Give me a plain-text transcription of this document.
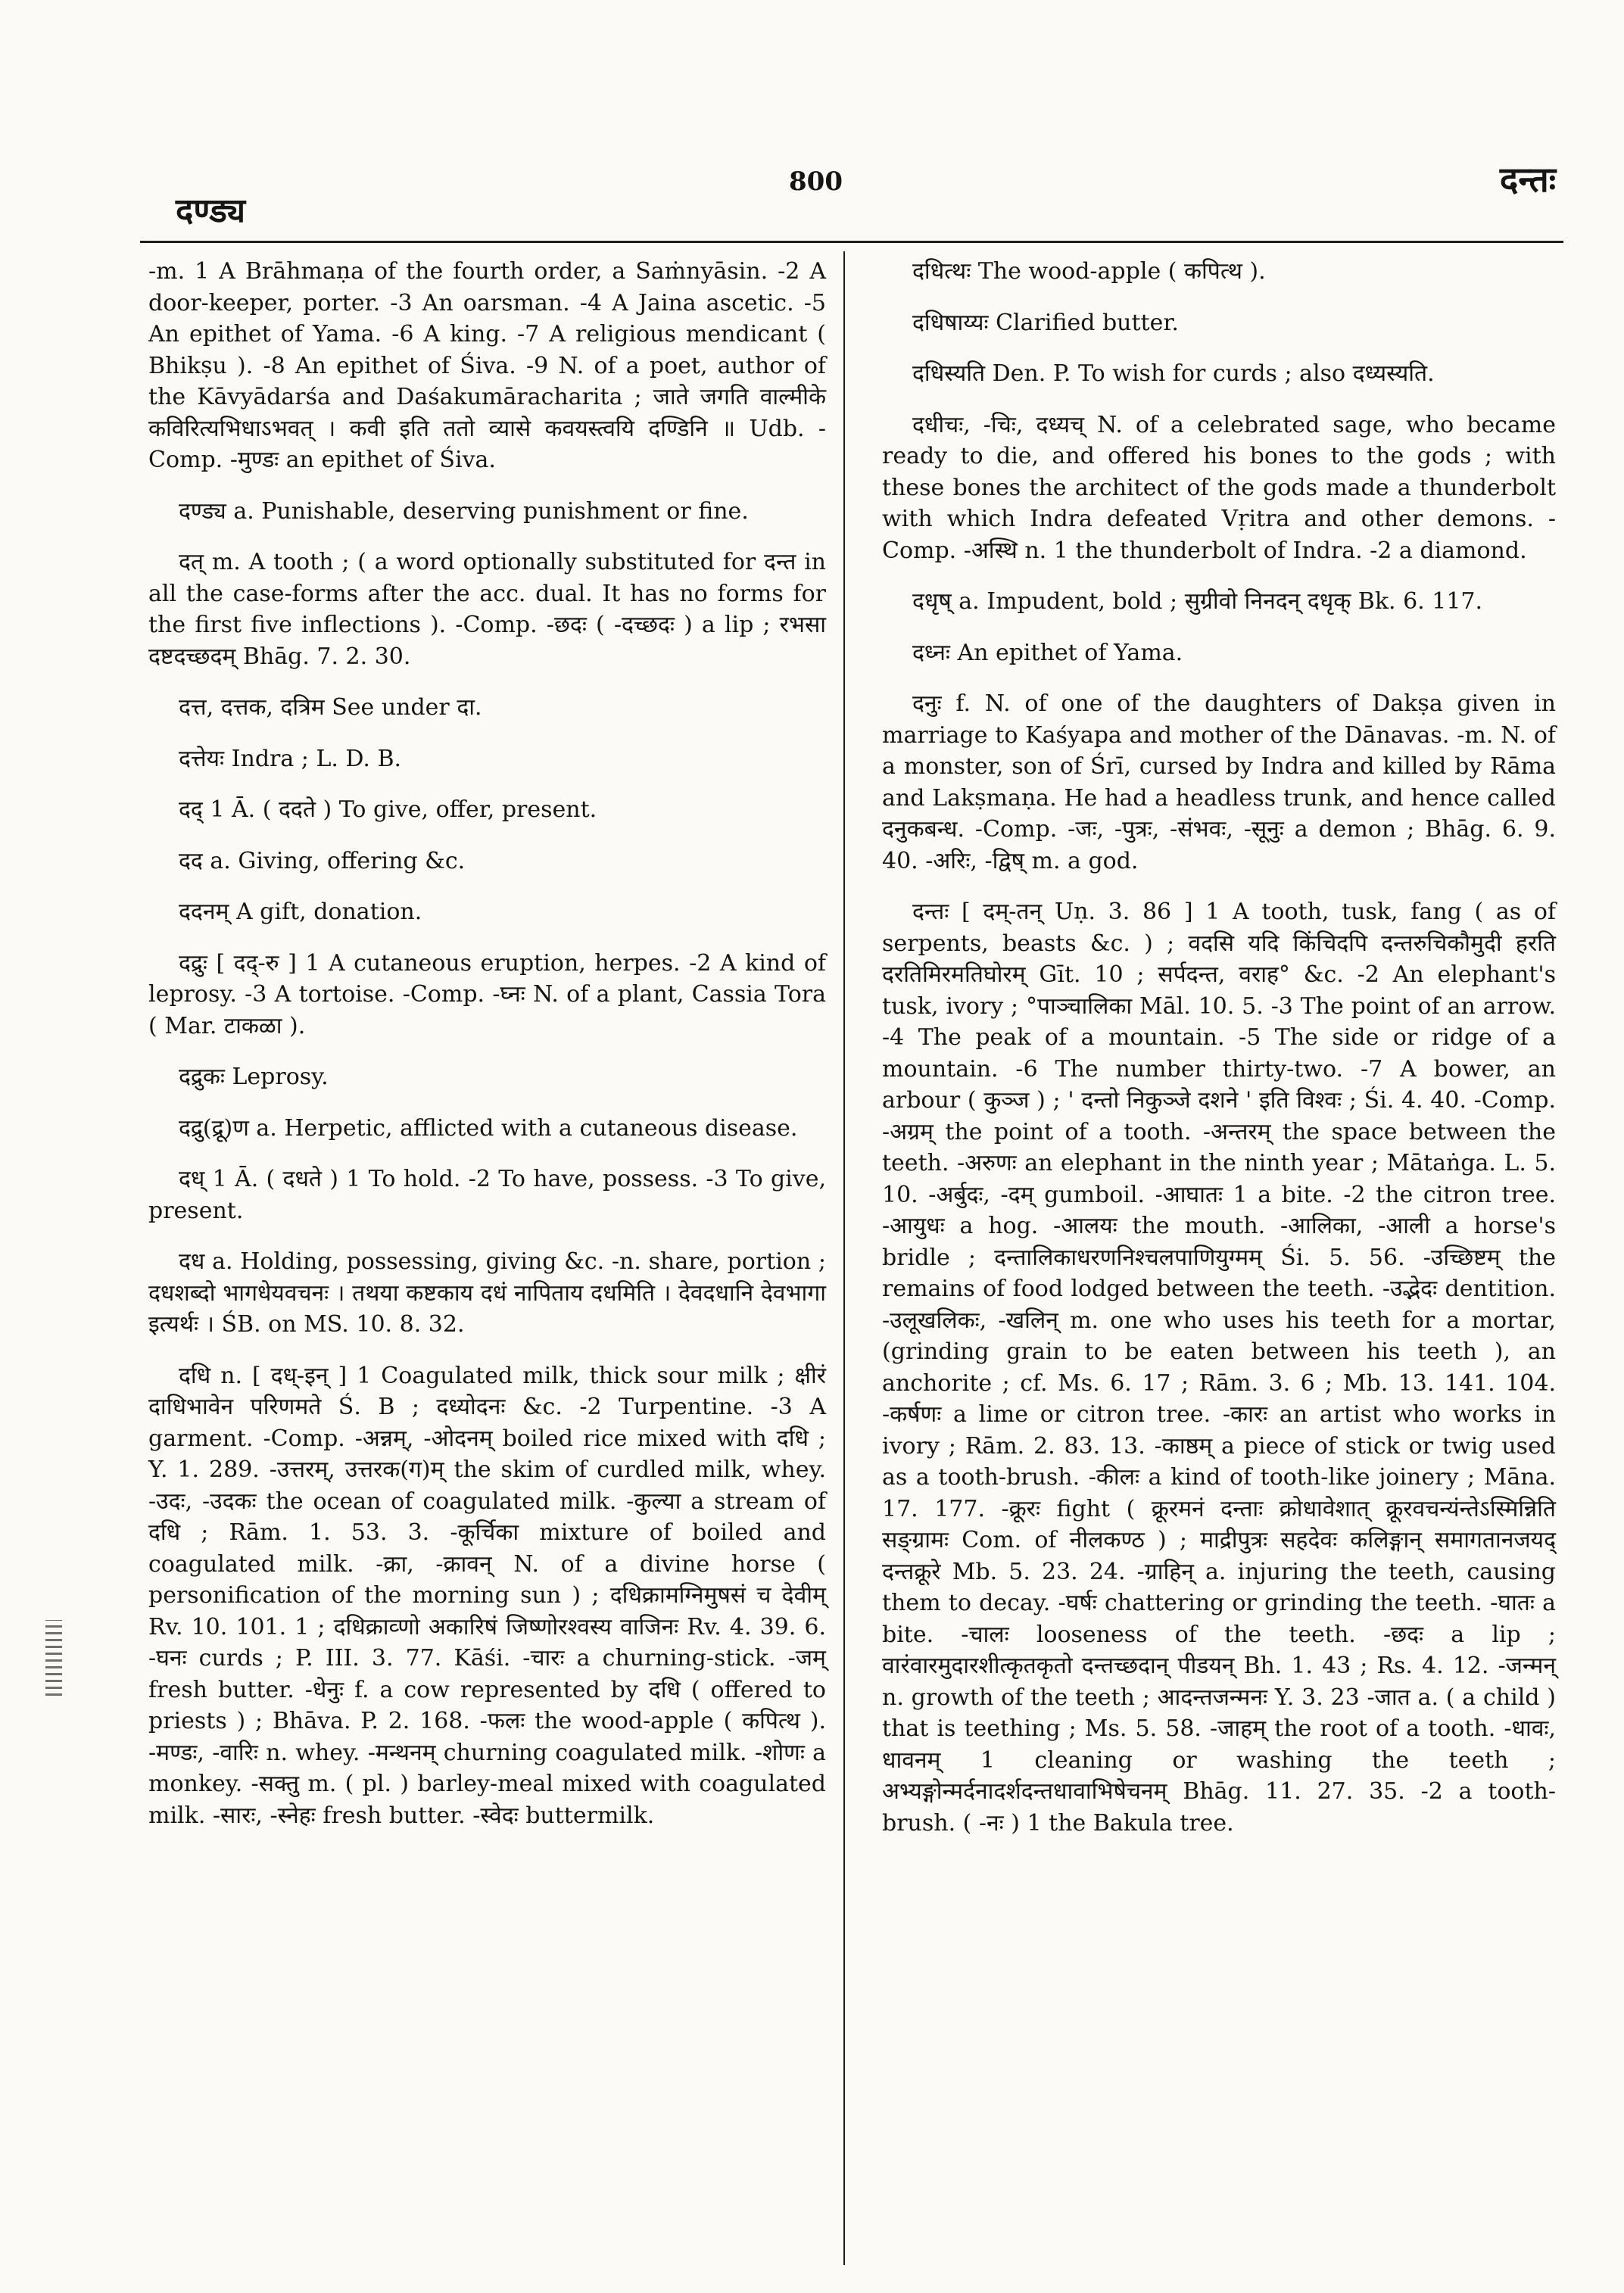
दण्ड्य
800	दन्तः

-m. 1 A Brāhmaṇa of the fourth order, a Saṁnyāsin. -2 A door-keeper, porter. -3 An oarsman. -4 A Jaina ascetic. -5 An epithet of Yama. -6 A king. -7 A religious mendicant ( Bhikṣu ). -8 An epithet of Śiva. -9 N. of a poet, author of the Kāvyādarśa and Daśakumāracharita ; जाते जगति वाल्मीके कविरित्यभिधाऽभवत् । कवी इति ततो व्यासे कवयस्त्वयि दण्डिनि ॥ Udb. -Comp. -मुण्डः an epithet of Śiva.

दण्ड्य a. Punishable, deserving punishment or fine.

दत् m. A tooth ; ( a word optionally substituted for दन्त in all the case-forms after the acc. dual. It has no forms for the first five inflections ). -Comp. -छदः ( -दच्छदः ) a lip ; रभसा दष्टदच्छदम् Bhāg. 7. 2. 30.

दत्त, दत्तक, दत्रिम See under दा.

दत्तेयः Indra ; L. D. B.

दद् 1 Ā. ( ददते ) To give, offer, present.

दद a. Giving, offering &c.

ददनम् A gift, donation.

दद्रुः [ दद्-रु ] 1 A cutaneous eruption, herpes. -2 A kind of leprosy. -3 A tortoise. -Comp. -घ्नः N. of a plant, Cassia Tora ( Mar. टाकळा ).

दद्रुकः Leprosy.

दद्रु(द्रू)ण a. Herpetic, afflicted with a cutaneous disease.

दध् 1 Ā. ( दधते ) 1 To hold. -2 To have, possess. -3 To give, present.

दध a. Holding, possessing, giving &c. -n. share, portion ; दधशब्दो भागधेयवचनः । तथया कष्टकाय दधं नापिताय दधमिति । देवदधानि देवभागा इत्यर्थः । ŚB. on MS. 10. 8. 32.

दधि n. [ दध्-इन् ] 1 Coagulated milk, thick sour milk ; क्षीरं दाधिभावेन परिणमते Ś. B ; दध्योदनः &c. -2 Turpentine. -3 A garment. -Comp. -अन्नम्, -ओदनम् boiled rice mixed with दधि ; Y. 1. 289. -उत्तरम्, उत्तरक(ग)म् the skim of curdled milk, whey. -उदः, -उदकः the ocean of coagulated milk. -कुल्या a stream of दधि ; Rām. 1. 53. 3. -कूर्चिका mixture of boiled and coagulated milk. -क्रा, -क्रावन् N. of a divine horse ( personification of the morning sun ) ; दधिक्रामग्निमुषसं च देवीम् Rv. 10. 101. 1 ; दधिक्राव्णो अकारिषं जिष्णोरश्वस्य वाजिनः Rv. 4. 39. 6. -घनः curds ; P. III. 3. 77. Kāśi. -चारः a churning-stick. -जम् fresh butter. -धेनुः f. a cow represented by दधि ( offered to priests ) ; Bhāva. P. 2. 168. -फलः the wood-apple ( कपित्थ ). -मण्डः, -वारिः n. whey. -मन्थनम् churning coagulated milk. -शोणः a monkey. -सक्तु m. ( pl. ) barley-meal mixed with coagulated milk. -सारः, -स्नेहः fresh butter. -स्वेदः buttermilk.

दधित्थः The wood-apple ( कपित्थ ).

दधिषाय्यः Clarified butter.

दधिस्यति Den. P. To wish for curds ; also दध्यस्यति.

दधीचः, -चिः, दध्यच् N. of a celebrated sage, who became ready to die, and offered his bones to the gods ; with these bones the architect of the gods made a thunderbolt with which Indra defeated Vṛitra and other demons. -Comp. -अस्थि n. 1 the thunderbolt of Indra. -2 a diamond.

दधृष् a. Impudent, bold ; सुग्रीवो निनदन् दधृक् Bk. 6. 117.

दध्नः An epithet of Yama.

दनुः f. N. of one of the daughters of Dakṣa given in marriage to Kaśyapa and mother of the Dānavas. -m. N. of a monster, son of Śrī, cursed by Indra and killed by Rāma and Lakṣmaṇa. He had a headless trunk, and hence called दनुकबन्ध. -Comp. -जः, -पुत्रः, -संभवः, -सूनुः a demon ; Bhāg. 6. 9. 40. -अरिः, -द्विष् m. a god.

दन्तः [ दम्-तन् Uṇ. 3. 86 ] 1 A tooth, tusk, fang ( as of serpents, beasts &c. ) ; वदसि यदि किंचिदपि दन्तरुचिकौमुदी हरति दरतिमिरमतिघोरम् Gīt. 10 ; सर्पदन्त, वराह° &c. -2 An elephant's tusk, ivory ; °पाञ्चालिका Māl. 10. 5. -3 The point of an arrow. -4 The peak of a mountain. -5 The side or ridge of a mountain. -6 The number thirty-two. -7 A bower, an arbour ( कुञ्ज ) ; ' दन्तो निकुञ्जे दशने ' इति विश्वः ; Śi. 4. 40. -Comp. -अग्रम् the point of a tooth. -अन्तरम् the space between the teeth. -अरुणः an elephant in the ninth year ; Mātaṅga. L. 5. 10. -अर्बुदः, -दम् gumboil. -आघातः 1 a bite. -2 the citron tree. -आयुधः a hog. -आलयः the mouth. -आलिका, -आली a horse's bridle ; दन्तालिकाधरणनिश्चलपाणियुग्मम् Śi. 5. 56. -उच्छिष्टम् the remains of food lodged between the teeth. -उद्भेदः dentition. -उलूखलिकः, -खलिन् m. one who uses his teeth for a mortar, (grinding grain to be eaten between his teeth ), an anchorite ; cf. Ms. 6. 17 ; Rām. 3. 6 ; Mb. 13. 141. 104. -कर्षणः a lime or citron tree. -कारः an artist who works in ivory ; Rām. 2. 83. 13. -काष्ठम् a piece of stick or twig used as a tooth-brush. -कीलः a kind of tooth-like joinery ; Māna. 17. 177. -क्रूरः fight ( क्रूरमनं दन्ताः क्रोधावेशात् क्रूरवचन्यंन्तेऽस्मिन्निति सङ्ग्रामः Com. of नीलकण्ठ ) ; माद्रीपुत्रः सहदेवः कलिङ्गान् समागतानजयद् दन्तक्रूरे Mb. 5. 23. 24. -ग्राहिन् a. injuring the teeth, causing them to decay. -घर्षः chattering or grinding the teeth. -घातः a bite. -चालः looseness of the teeth. -छदः a lip ; वारंवारमुदारशीत्कृतकृतो दन्तच्छदान् पीडयन् Bh. 1. 43 ; Rs. 4. 12. -जन्मन् n. growth of the teeth ; आदन्तजन्मनः Y. 3. 23 -जात a. ( a child ) that is teething ; Ms. 5. 58. -जाहम् the root of a tooth. -धावः, धावनम् 1 cleaning or washing the teeth ; अभ्यङ्गोन्मर्दनादर्शदन्तधावाभिषेचनम् Bhāg. 11. 27. 35. -2 a tooth-brush. ( -नः ) 1 the Bakula tree.
